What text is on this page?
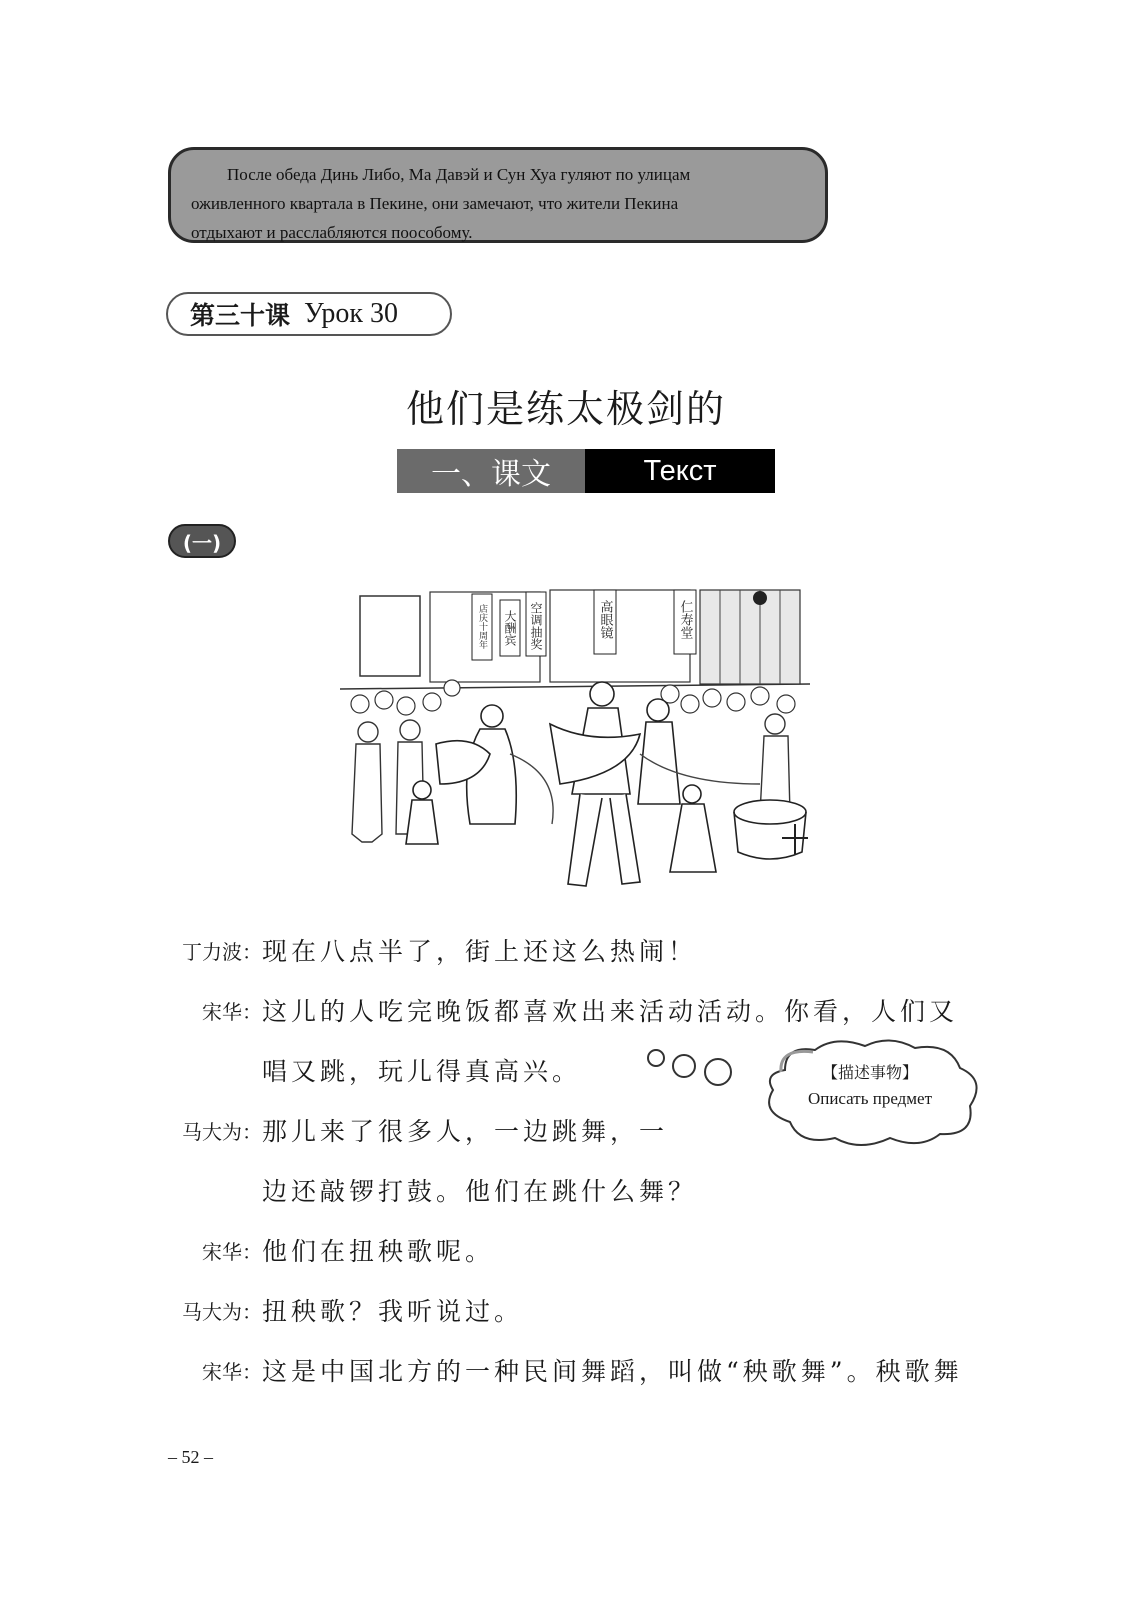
После обеда Динь Либо, Ма Давэй и Сун Хуа гуляют по улицам
оживленного квартала в Пекине, они замечают, что жители Пекина
отдыхают и расслабляются поособому.
第三十课 Урок 30
他们是练太极剑的
一、课文	Текст
(一)
店庆十周年 大酬宾 空调抽奖	高眼镜	仁寿堂
丁力波： 现在八点半了，街上还这么热闹！
宋华： 这儿的人吃完晚饭都喜欢出来活动活动。你看，人们又
唱又跳，玩儿得真高兴。
马大为： 那儿来了很多人，一边跳舞，一
边还敲锣打鼓。他们在跳什么舞？
宋华： 他们在扭秧歌呢。
马大为： 扭秧歌？我听说过。
宋华： 这是中国北方的一种民间舞蹈，叫做“秧歌舞”。秧歌舞
【描述事物】
Описать предмет
– 52 –
